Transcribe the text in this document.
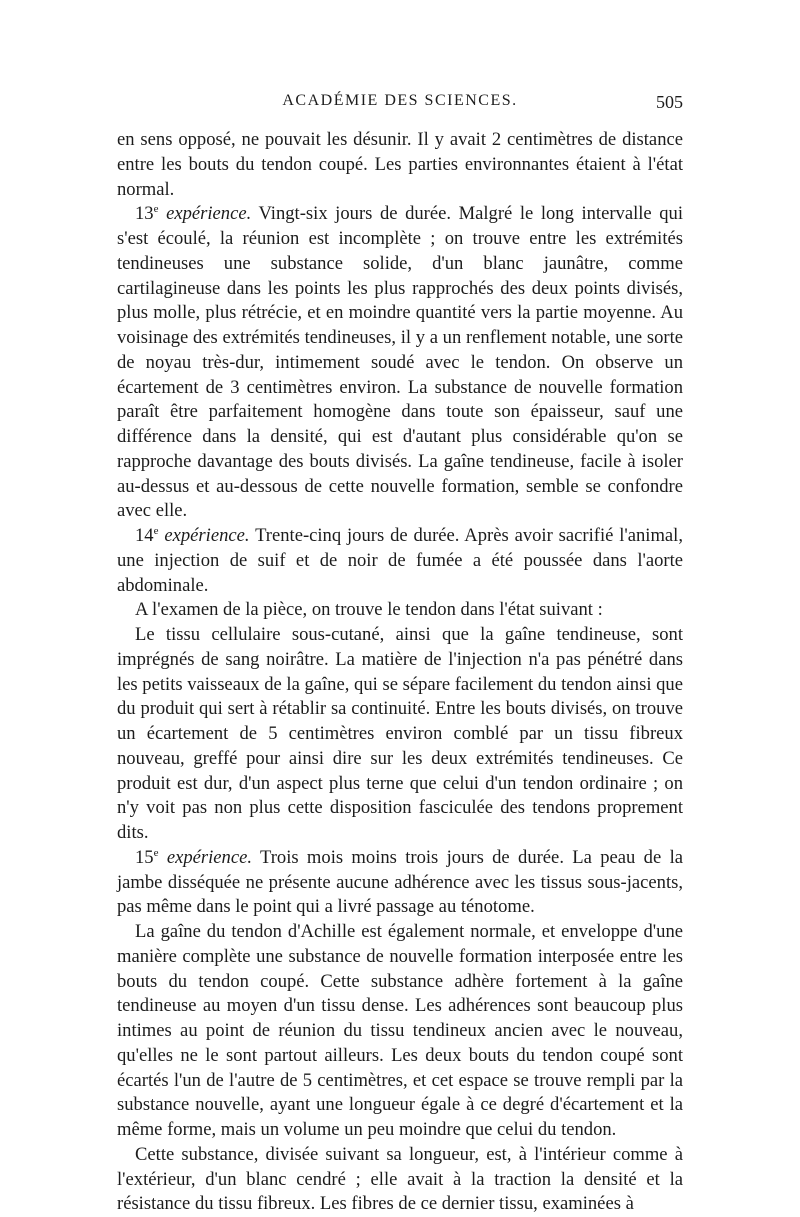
ACADÉMIE DES SCIENCES.	505

en sens opposé, ne pouvait les désunir. Il y avait 2 centimètres de distance entre les bouts du tendon coupé. Les parties environnantes étaient à l'état normal.

13e expérience. Vingt-six jours de durée. Malgré le long intervalle qui s'est écoulé, la réunion est incomplète ; on trouve entre les extrémités tendineuses une substance solide, d'un blanc jaunâtre, comme cartilagineuse dans les points les plus rapprochés des deux points divisés, plus molle, plus rétrécie, et en moindre quantité vers la partie moyenne. Au voisinage des extrémités tendineuses, il y a un renflement notable, une sorte de noyau très-dur, intimement soudé avec le tendon. On observe un écartement de 3 centimètres environ. La substance de nouvelle formation paraît être parfaitement homogène dans toute son épaisseur, sauf une différence dans la densité, qui est d'autant plus considérable qu'on se rapproche davantage des bouts divisés. La gaîne tendineuse, facile à isoler au-dessus et au-dessous de cette nouvelle formation, semble se confondre avec elle.

14e expérience. Trente-cinq jours de durée. Après avoir sacrifié l'animal, une injection de suif et de noir de fumée a été poussée dans l'aorte abdominale.

A l'examen de la pièce, on trouve le tendon dans l'état suivant :

Le tissu cellulaire sous-cutané, ainsi que la gaîne tendineuse, sont imprégnés de sang noirâtre. La matière de l'injection n'a pas pénétré dans les petits vaisseaux de la gaîne, qui se sépare facilement du tendon ainsi que du produit qui sert à rétablir sa continuité. Entre les bouts divisés, on trouve un écartement de 5 centimètres environ comblé par un tissu fibreux nouveau, greffé pour ainsi dire sur les deux extrémités tendineuses. Ce produit est dur, d'un aspect plus terne que celui d'un tendon ordinaire ; on n'y voit pas non plus cette disposition fasciculée des tendons proprement dits.

15e expérience. Trois mois moins trois jours de durée. La peau de la jambe disséquée ne présente aucune adhérence avec les tissus sous-jacents, pas même dans le point qui a livré passage au ténotome.

La gaîne du tendon d'Achille est également normale, et enveloppe d'une manière complète une substance de nouvelle formation interposée entre les bouts du tendon coupé. Cette substance adhère fortement à la gaîne tendineuse au moyen d'un tissu dense. Les adhérences sont beaucoup plus intimes au point de réunion du tissu tendineux ancien avec le nouveau, qu'elles ne le sont partout ailleurs. Les deux bouts du tendon coupé sont écartés l'un de l'autre de 5 centimètres, et cet espace se trouve rempli par la substance nouvelle, ayant une longueur égale à ce degré d'écartement et la même forme, mais un volume un peu moindre que celui du tendon.

Cette substance, divisée suivant sa longueur, est, à l'intérieur comme à l'extérieur, d'un blanc cendré ; elle avait à la traction la densité et la résistance du tissu fibreux. Les fibres de ce dernier tissu, examinées à
